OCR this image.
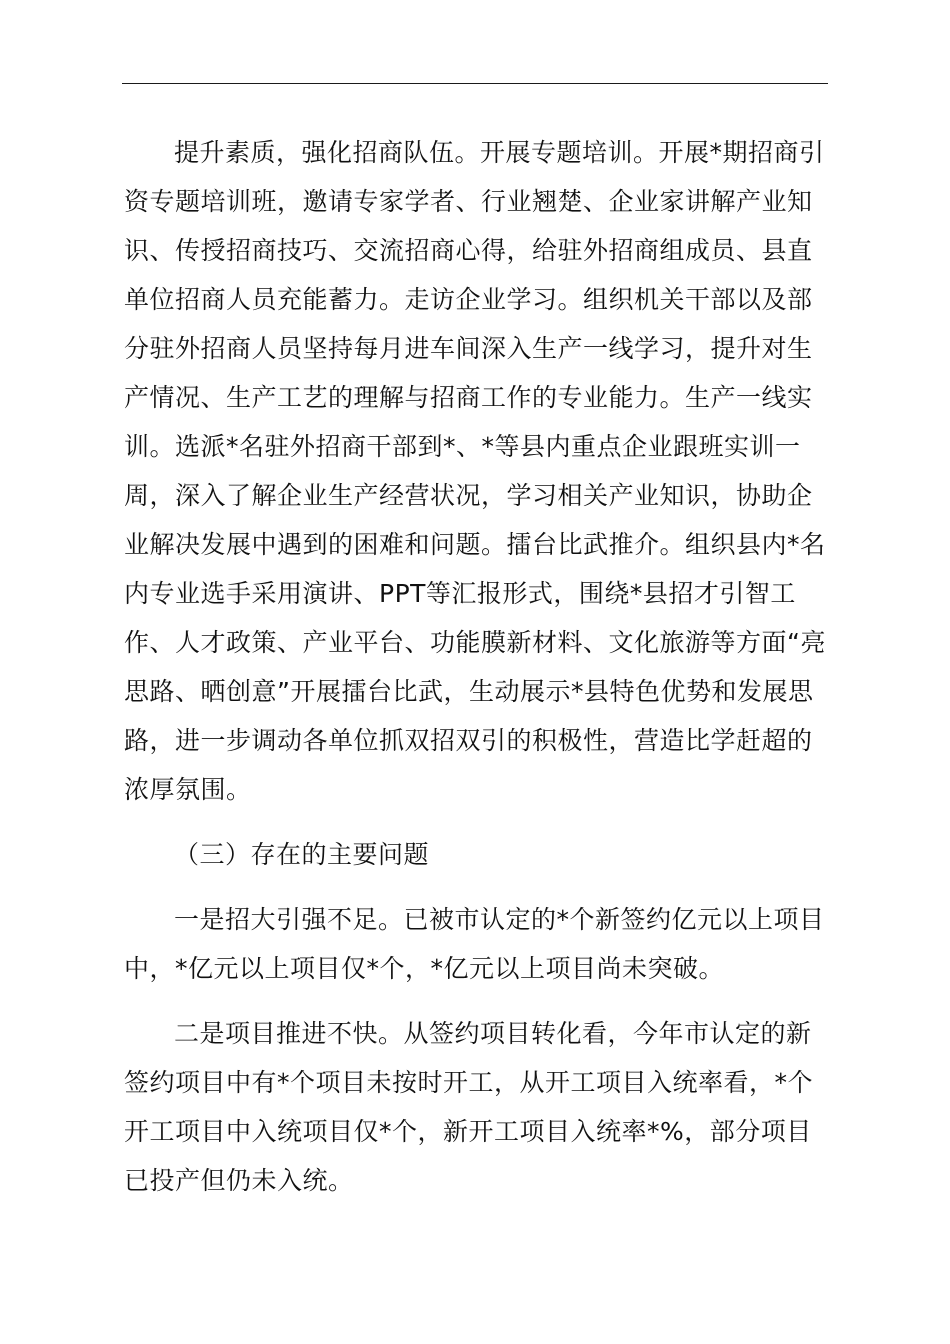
提升素质，强化招商队伍。开展专题培训。开展*期招商引资专题培训班，邀请专家学者、行业翘楚、企业家讲解产业知识、传授招商技巧、交流招商心得，给驻外招商组成员、县直单位招商人员充能蓄力。走访企业学习。组织机关干部以及部分驻外招商人员坚持每月进车间深入生产一线学习，提升对生产情况、生产工艺的理解与招商工作的专业能力。生产一线实训。选派*名驻外招商干部到*、*等县内重点企业跟班实训一周，深入了解企业生产经营状况，学习相关产业知识，协助企业解决发展中遇到的困难和问题。擂台比武推介。组织县内*名内专业选手采用演讲、PPT等汇报形式，围绕*县招才引智工作、人才政策、产业平台、功能膜新材料、文化旅游等方面“亮思路、晒创意”开展擂台比武，生动展示*县特色优势和发展思路，进一步调动各单位抓双招双引的积极性，营造比学赶超的浓厚氛围。

（三）存在的主要问题

一是招大引强不足。已被市认定的*个新签约亿元以上项目中，*亿元以上项目仅*个，*亿元以上项目尚未突破。

二是项目推进不快。从签约项目转化看，今年市认定的新签约项目中有*个项目未按时开工，从开工项目入统率看，*个开工项目中入统项目仅*个，新开工项目入统率*%，部分项目已投产但仍未入统。
